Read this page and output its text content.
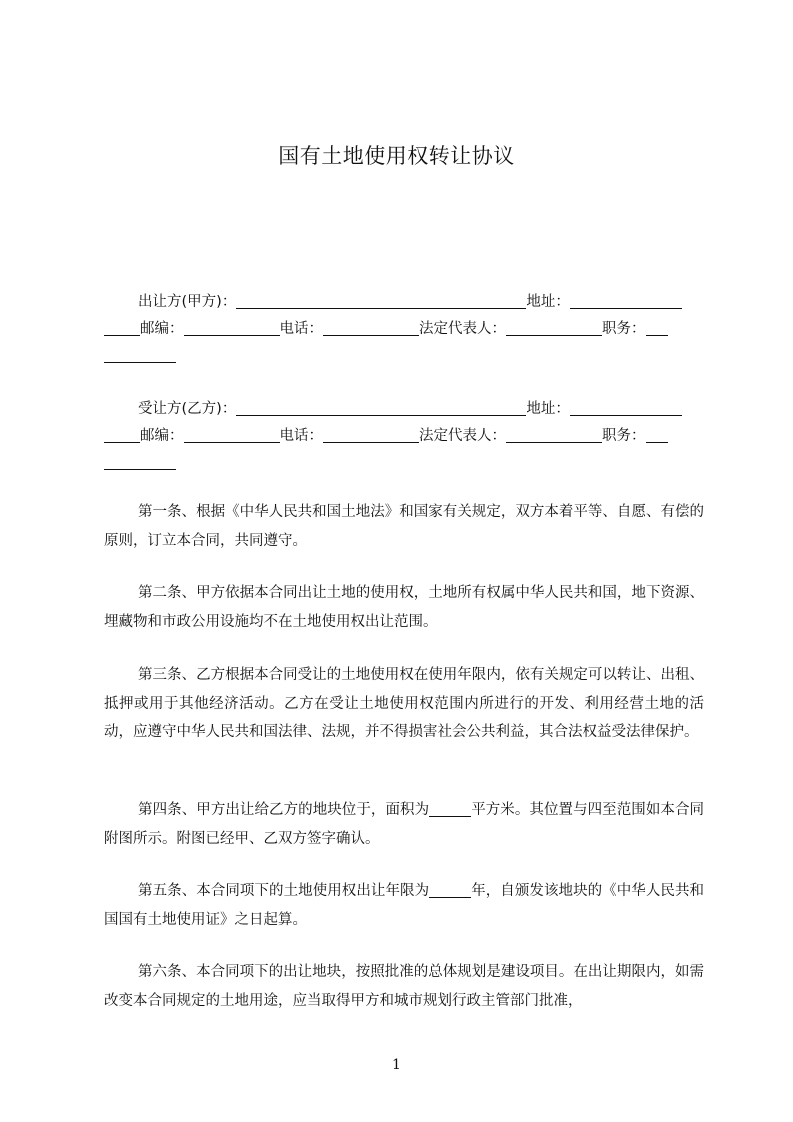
国有土地使用权转让协议
出让方(甲方)：	地址：
邮编：	电话：	法定代表人：	职务：
受让方(乙方)：	地址：
邮编：	电话：	法定代表人：	职务：
第一条、根据《中华人民共和国土地法》和国家有关规定，双方本着平等、自愿、有偿的原则，订立本合同，共同遵守。
第二条、甲方依据本合同出让土地的使用权，土地所有权属中华人民共和国，地下资源、埋藏物和市政公用设施均不在土地使用权出让范围。
第三条、乙方根据本合同受让的土地使用权在使用年限内，依有关规定可以转让、出租、抵押或用于其他经济活动。乙方在受让土地使用权范围内所进行的开发、利用经营土地的活动，应遵守中华人民共和国法律、法规，并不得损害社会公共利益，其合法权益受法律保护。
第四条、甲方出让给乙方的地块位于，面积为	平方米。其位置与四至范围如本合同附图所示。附图已经甲、乙双方签字确认。
第五条、本合同项下的土地使用权出让年限为	年，自颁发该地块的《中华人民共和国国有土地使用证》之日起算。
第六条、本合同项下的出让地块，按照批准的总体规划是建设项目。在出让期限内，如需改变本合同规定的土地用途，应当取得甲方和城市规划行政主管部门批准，
1
